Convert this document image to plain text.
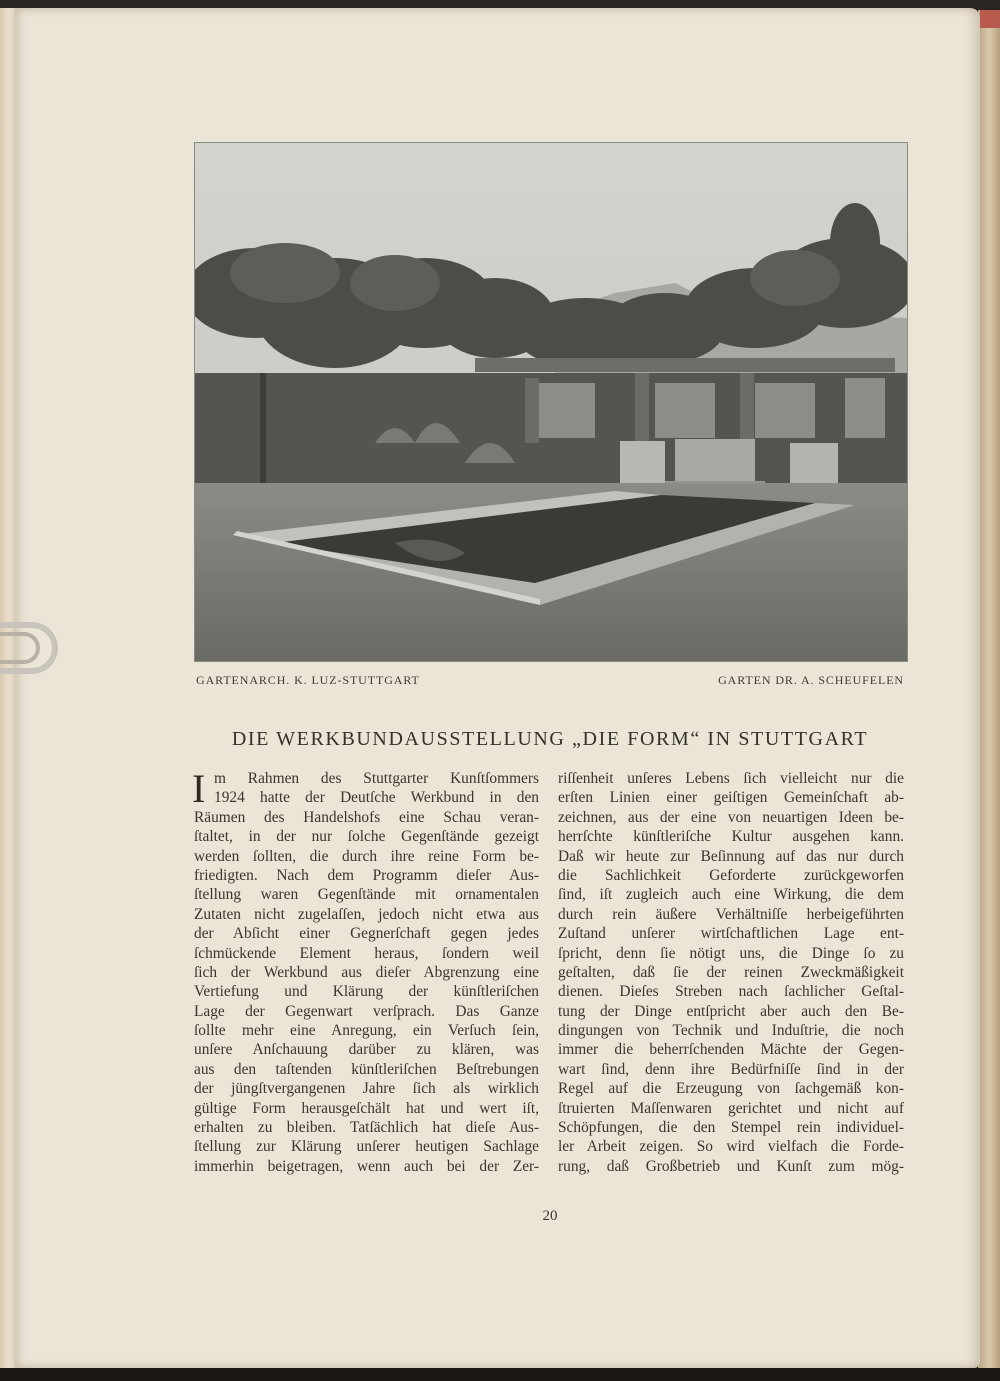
GARTENARCH. K. LUZ-STUTTGART	GARTEN DR. A. SCHEUFELEN
DIE WERKBUNDAUSSTELLUNG „DIE FORM“ IN STUTTGART
I m Rahmen des Stuttgarter Kunſtſommers
1924 hatte der Deutſche Werkbund in den
Räumen des Handelshofs eine Schau veran-
ſtaltet, in der nur ſolche Gegenſtände gezeigt
werden ſollten, die durch ihre reine Form be-
friedigten. Nach dem Programm dieſer Aus-
ſtellung waren Gegenſtände mit ornamentalen
Zutaten nicht zugelaſſen, jedoch nicht etwa aus
der Abſicht einer Gegnerſchaft gegen jedes
ſchmückende Element heraus, ſondern weil
ſich der Werkbund aus dieſer Abgrenzung eine
Vertiefung und Klärung der künſtleriſchen
Lage der Gegenwart verſprach. Das Ganze
ſollte mehr eine Anregung, ein Verſuch ſein,
unſere Anſchauung darüber zu klären, was
aus den taſtenden künſtleriſchen Beſtrebungen
der jüngſtvergangenen Jahre ſich als wirklich
gültige Form herausgeſchält hat und wert iſt,
erhalten zu bleiben. Tatſächlich hat dieſe Aus-
ſtellung zur Klärung unſerer heutigen Sachlage
immerhin beigetragen, wenn auch bei der Zer-
riſſenheit unſeres Lebens ſich vielleicht nur die
erſten Linien einer geiſtigen Gemeinſchaft ab-
zeichnen, aus der eine von neuartigen Ideen be-
herrſchte künſtleriſche Kultur ausgehen kann.
Daß wir heute zur Beſinnung auf das nur durch
die Sachlichkeit Geforderte zurückgeworfen
ſind, iſt zugleich auch eine Wirkung, die dem
durch rein äußere Verhältniſſe herbeigeführten
Zuſtand unſerer wirtſchaftlichen Lage ent-
ſpricht, denn ſie nötigt uns, die Dinge ſo zu
geſtalten, daß ſie der reinen Zweckmäßigkeit
dienen. Dieſes Streben nach ſachlicher Geſtal-
tung der Dinge entſpricht aber auch den Be-
dingungen von Technik und Induſtrie, die noch
immer die beherrſchenden Mächte der Gegen-
wart ſind, denn ihre Bedürfniſſe ſind in der
Regel auf die Erzeugung von ſachgemäß kon-
ſtruierten Maſſenwaren gerichtet und nicht auf
Schöpfungen, die den Stempel rein individuel-
ler Arbeit zeigen. So wird vielfach die Forde-
rung, daß Großbetrieb und Kunſt zum mög-
20
